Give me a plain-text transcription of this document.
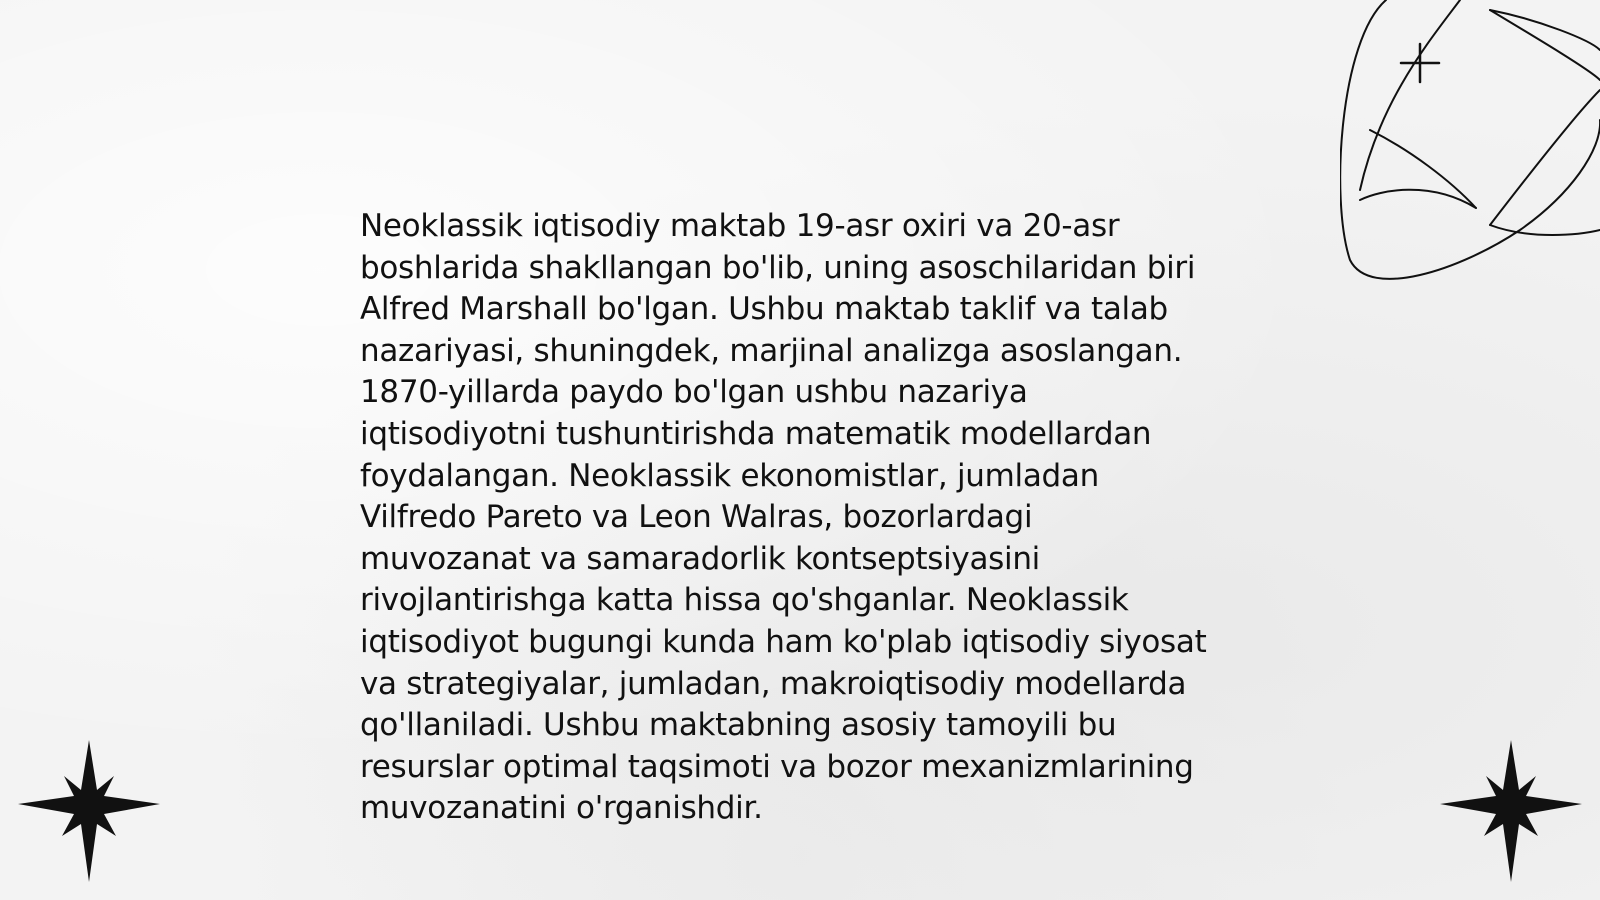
Neoklassik iqtisodiy maktab 19-asr oxiri va 20-asr boshlarida shakllangan bo'lib, uning asoschilaridan biri Alfred Marshall bo'lgan. Ushbu maktab taklif va talab nazariyasi, shuningdek, marjinal analizga asoslangan. 1870-yillarda paydo bo'lgan ushbu nazariya iqtisodiyotni tushuntirishda matematik modellardan foydalangan. Neoklassik ekonomistlar, jumladan Vilfredo Pareto va Leon Walras, bozorlardagi muvozanat va samaradorlik kontseptsiyasini rivojlantirishga katta hissa qo'shganlar. Neoklassik iqtisodiyot bugungi kunda ham ko'plab iqtisodiy siyosat va strategiyalar, jumladan, makroiqtisodiy modellarda qo'llaniladi. Ushbu maktabning asosiy tamoyili bu resurslar optimal taqsimoti va bozor mexanizmlarining muvozanatini o'rganishdir.
